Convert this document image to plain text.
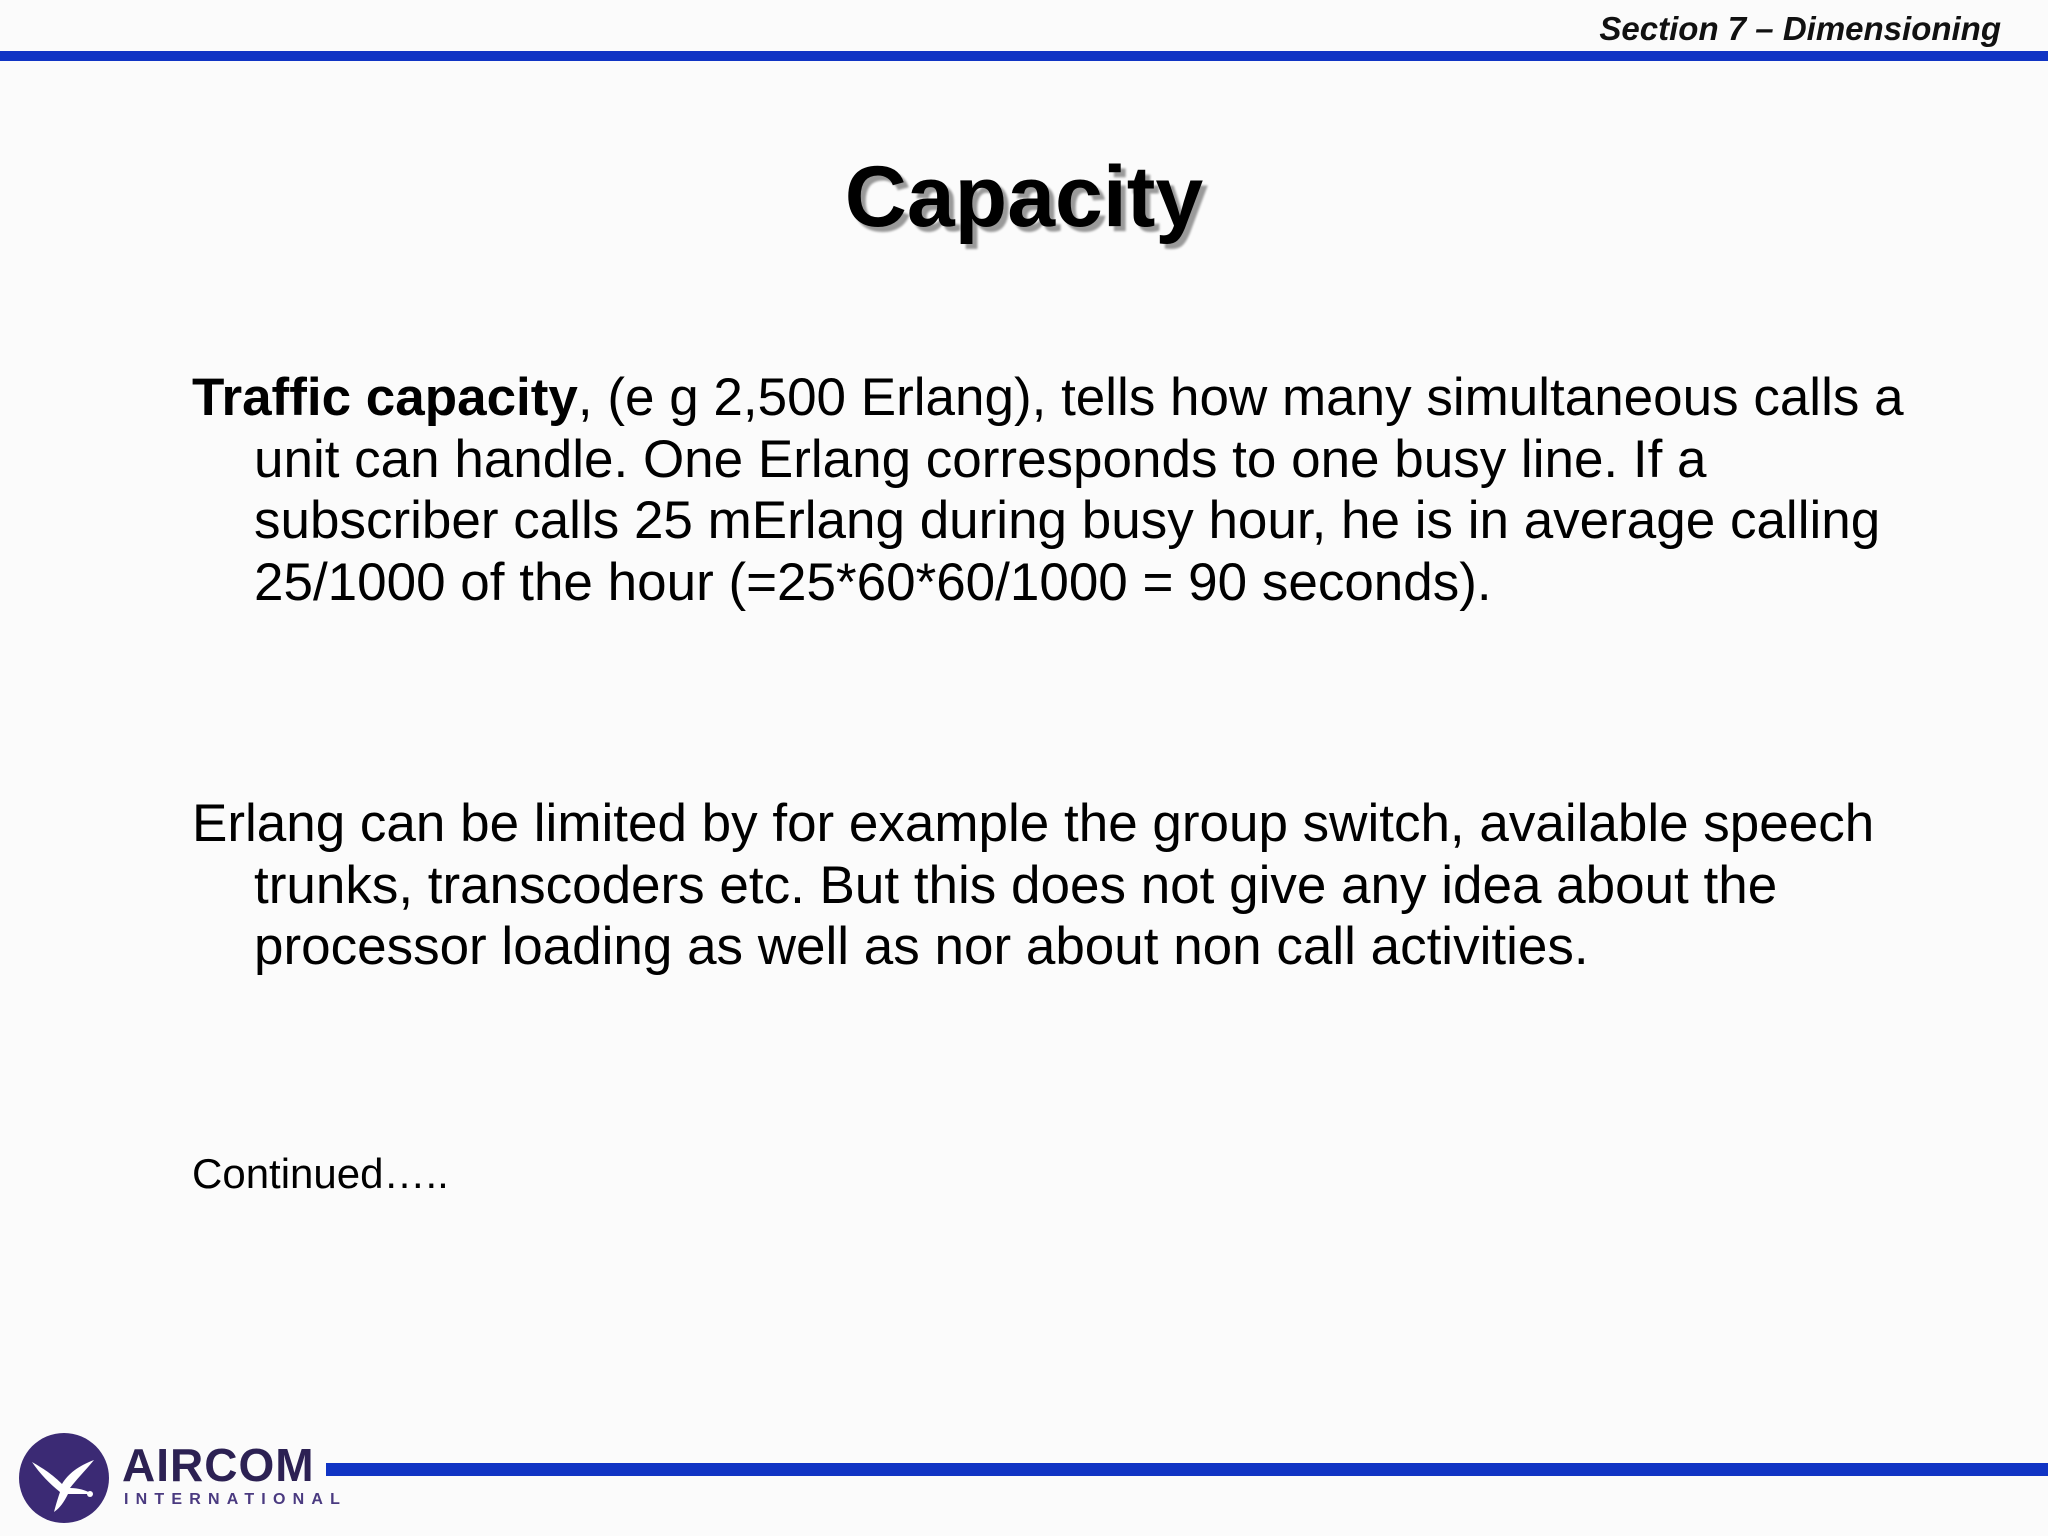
Section 7 – Dimensioning
Capacity

Traffic capacity, (e g 2,500 Erlang), tells how many simultaneous calls a unit can handle. One Erlang corresponds to one busy line. If a subscriber calls 25 mErlang during busy hour, he is in average calling 25/1000 of the hour (=25*60*60/1000 = 90 seconds).

Erlang can be limited by for example the group switch, available speech trunks, transcoders etc. But this does not give any idea about the processor loading as well as nor about non call activities.

Continued…..
AIRCOM
INTERNATIONAL
